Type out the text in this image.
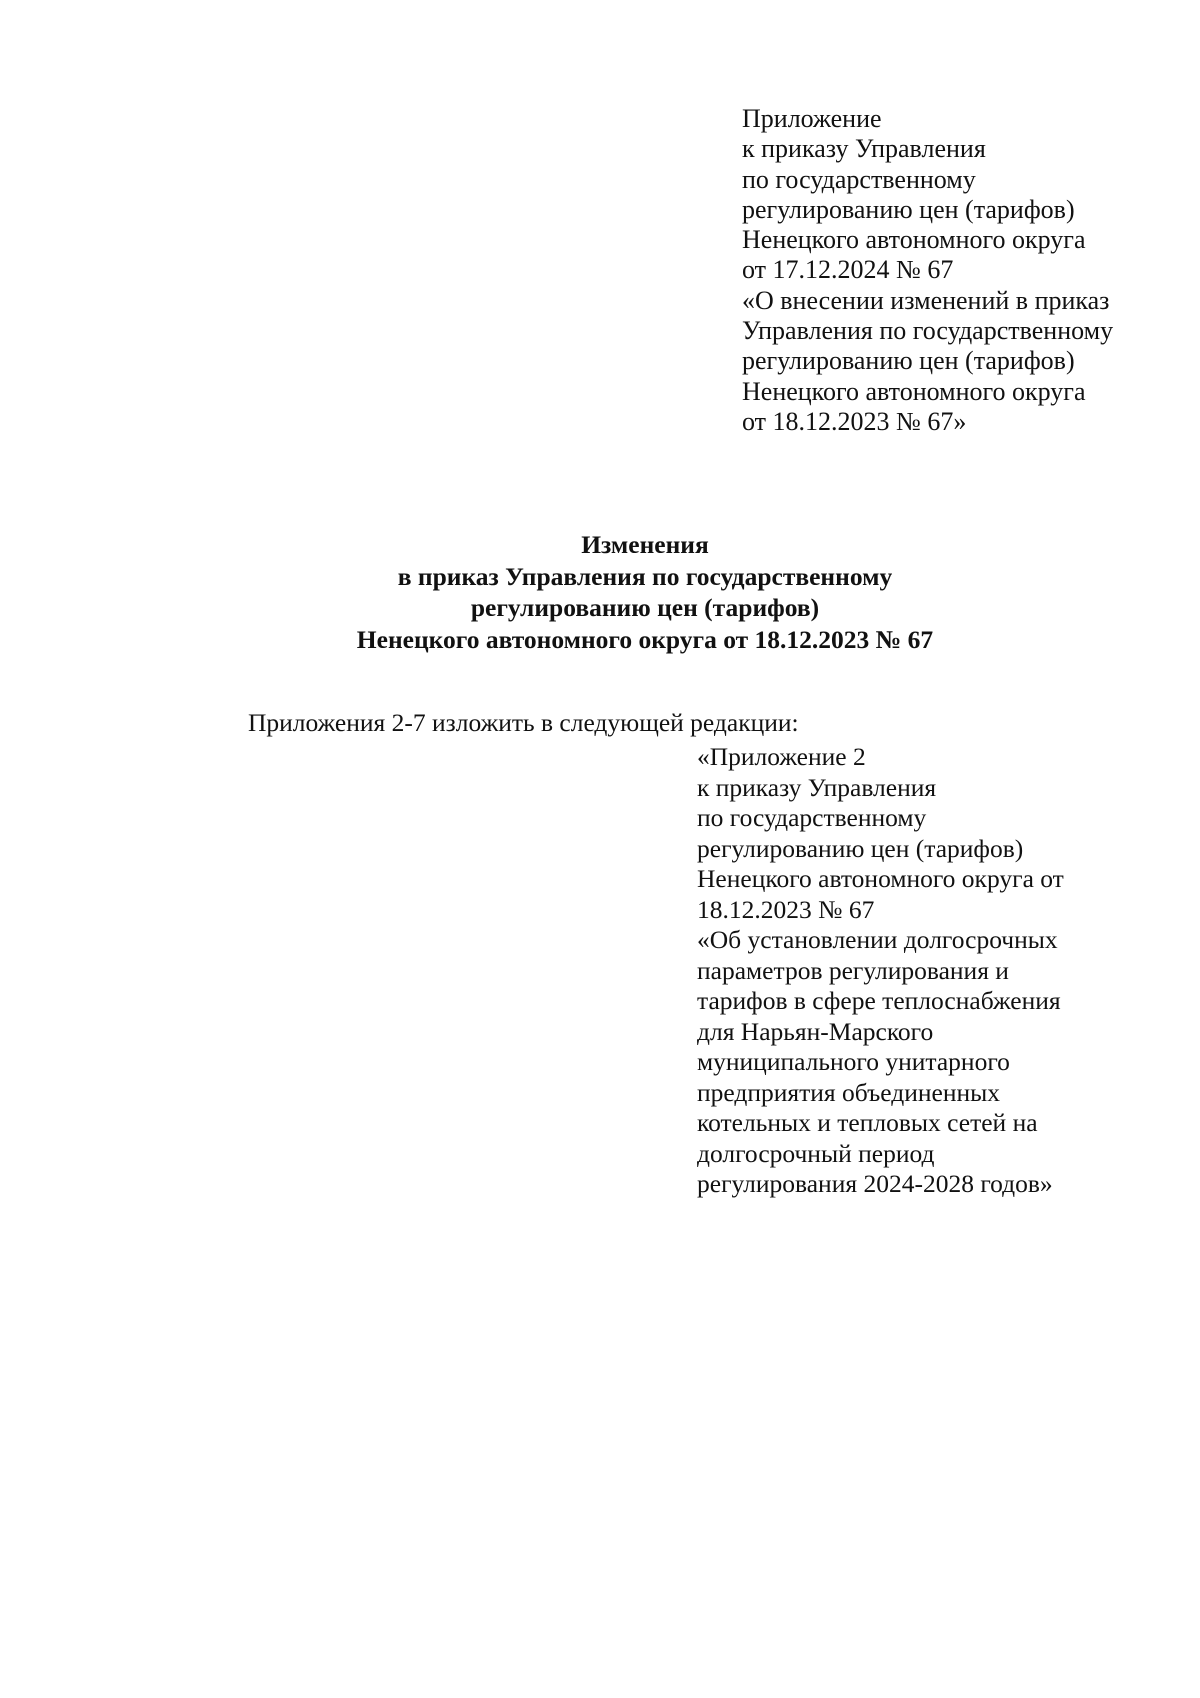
Приложение
к приказу Управления
по государственному
регулированию цен (тарифов)
Ненецкого автономного округа
от 17.12.2024 № 67
«О внесении изменений в приказ
Управления по государственному
регулированию цен (тарифов)
Ненецкого автономного округа
от 18.12.2023 № 67»
Изменения
в приказ Управления по государственному
регулированию цен (тарифов)
Ненецкого автономного округа от 18.12.2023 № 67

Приложения 2-7 изложить в следующей редакции:

«Приложение 2
к приказу Управления
по государственному
регулированию цен (тарифов)
Ненецкого автономного округа от
18.12.2023 № 67
«Об установлении долгосрочных
параметров регулирования и
тарифов в сфере теплоснабжения
для Нарьян-Марского
муниципального унитарного
предприятия объединенных
котельных и тепловых сетей на
долгосрочный период
регулирования 2024-2028 годов»
